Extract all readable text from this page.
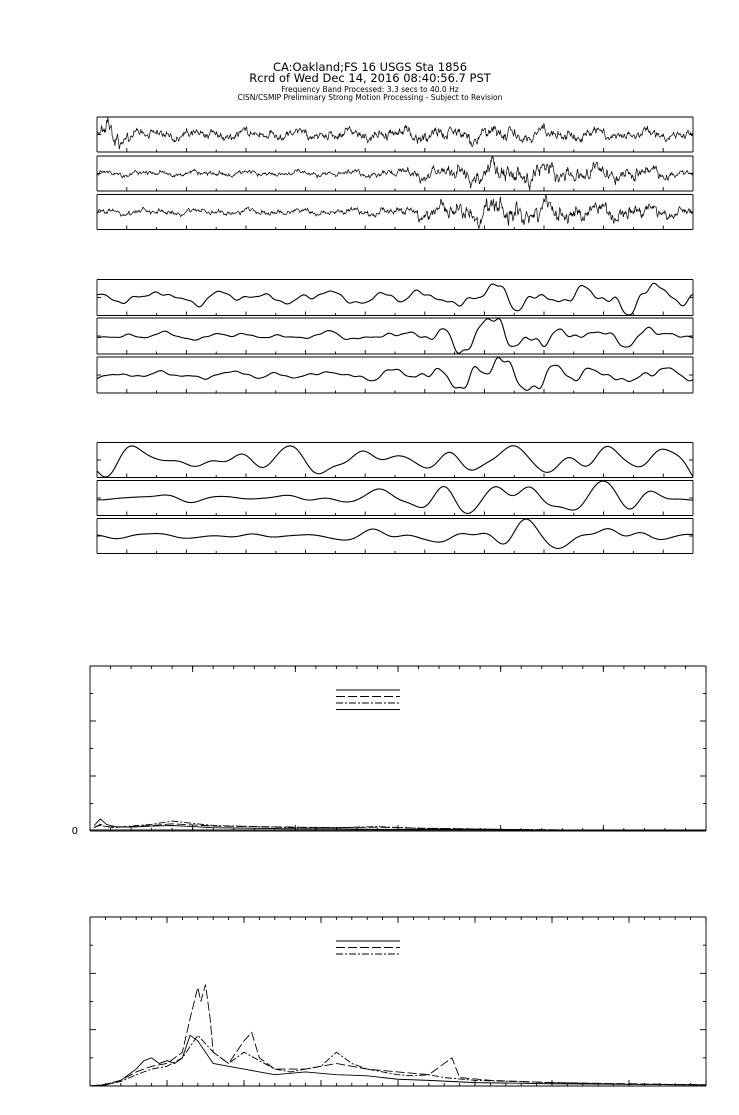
CA:Oakland;FS 16 USGS Sta 1856
Rcrd of Wed Dec 14, 2016 08:40:56.7 PST
Frequency Band Processed: 3.3 secs to 40.0 Hz
CISN/CSMIP Preliminary Strong Motion Processing - Subject to Revision
0
